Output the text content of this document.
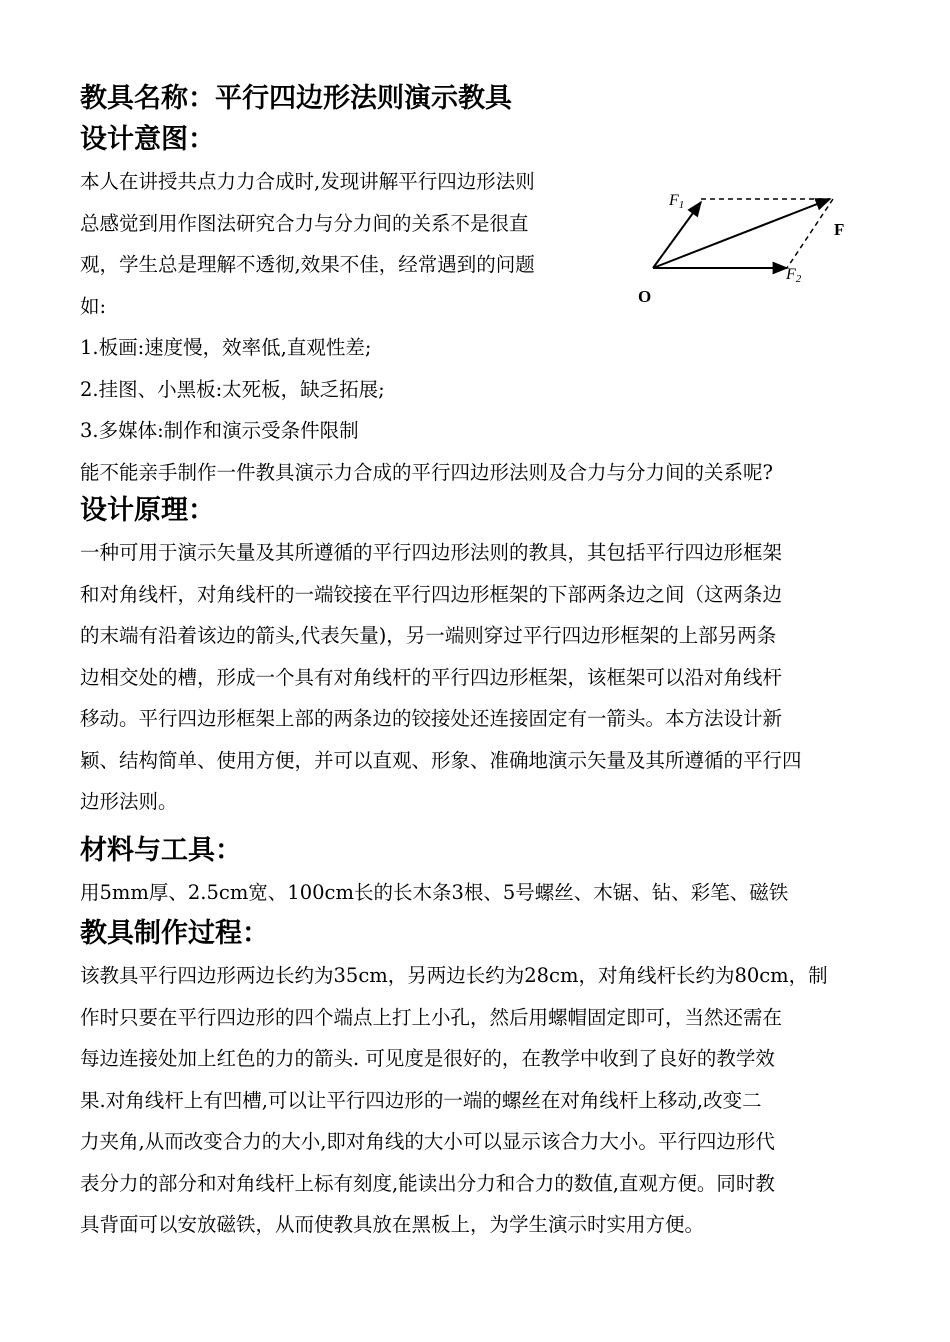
教具名称：平行四边形法则演示教具
设计意图：
本人在讲授共点力力合成时,发现讲解平行四边形法则
总感觉到用作图法研究合力与分力间的关系不是很直
观，学生总是理解不透彻,效果不佳，经常遇到的问题
如:
1.板画:速度慢，效率低,直观性差;
2.挂图、小黑板:太死板，缺乏拓展;
3.多媒体:制作和演示受条件限制
能不能亲手制作一件教具演示力合成的平行四边形法则及合力与分力间的关系呢?
设计原理：
一种可用于演示矢量及其所遵循的平行四边形法则的教具，其包括平行四边形框架
和对角线杆，对角线杆的一端铰接在平行四边形框架的下部两条边之间（这两条边
的末端有沿着该边的箭头,代表矢量)，另一端则穿过平行四边形框架的上部另两条
边相交处的槽，形成一个具有对角线杆的平行四边形框架，该框架可以沿对角线杆
移动。平行四边形框架上部的两条边的铰接处还连接固定有一箭头。本方法设计新
颖、结构简单、使用方便，并可以直观、形象、准确地演示矢量及其所遵循的平行四
边形法则。
材料与工具：
用5mm厚、2.5cm宽、100cm长的长木条3根、5号螺丝、木锯、钻、彩笔、磁铁
教具制作过程：
该教具平行四边形两边长约为35cm，另两边长约为28cm，对角线杆长约为80cm，制
作时只要在平行四边形的四个端点上打上小孔，然后用螺帽固定即可，当然还需在
每边连接处加上红色的力的箭头. 可见度是很好的，在教学中收到了良好的教学效
果.对角线杆上有凹槽,可以让平行四边形的一端的螺丝在对角线杆上移动,改变二
力夹角,从而改变合力的大小,即对角线的大小可以显示该合力大小。平行四边形代
表分力的部分和对角线杆上标有刻度,能读出分力和合力的数值,直观方便。同时教
具背面可以安放磁铁，从而使教具放在黑板上，为学生演示时实用方便。
F1
F2
F
O
